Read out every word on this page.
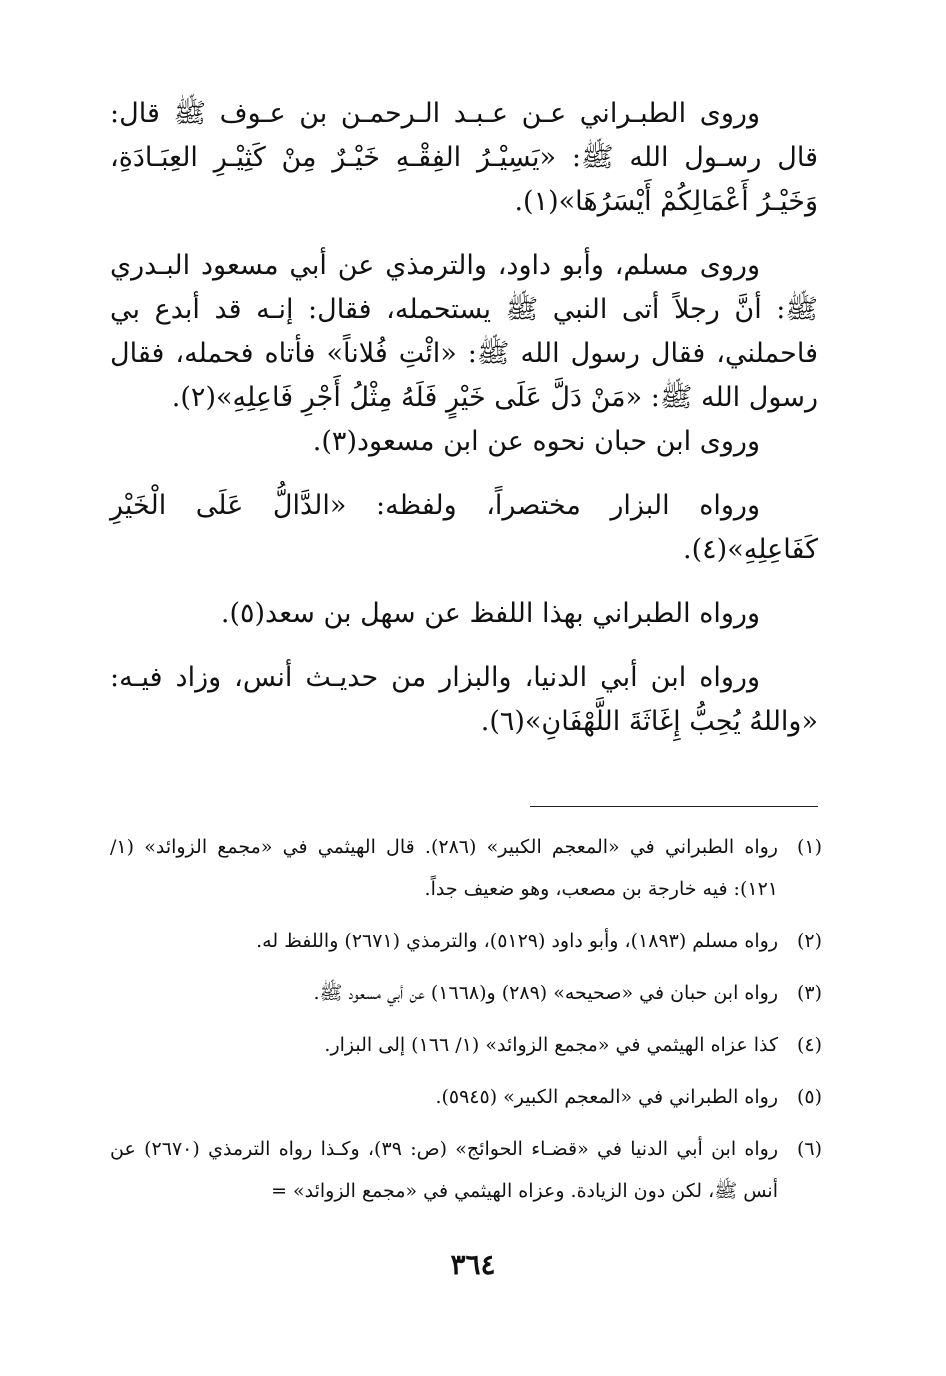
وروى الطبـراني عـن عـبـد الـرحمـن بن عـوف ﷺ قال: قال رسـول الله ﷺ: «يَسِيْـرُ الفِقْـهِ خَيْـرٌ مِنْ كَثِيْـرِ العِبَـادَةِ، وَخَيْـرُ أَعْمَالِكُمْ أَيْسَرُهَا»(١).

وروى مسلم، وأبو داود، والترمذي عن أبي مسعود البـدري ﷺ: أنَّ رجلاً أتى النبي ﷺ يستحمله، فقال: إنـه قد أبدع بي فاحملني، فقال رسول الله ﷺ: «ائْتِ فُلاناً» فأتاه فحمله، فقال رسول الله ﷺ: «مَنْ دَلَّ عَلَى خَيْرٍ فَلَهُ مِثْلُ أَجْرِ فَاعِلِهِ»(٢).

وروى ابن حبان نحوه عن ابن مسعود(٣).

ورواه البزار مختصراً، ولفظه: «الدَّالُّ عَلَى الْخَيْرِ كَفَاعِلِهِ»(٤).

ورواه الطبراني بهذا اللفظ عن سهل بن سعد(٥).

ورواه ابن أبي الدنيا، والبزار من حديـث أنس، وزاد فيـه: «واللهُ يُحِبُّ إِغَاثَةَ اللَّهْفَانِ»(٦).

(١)
رواه الطبراني في «المعجم الكبير» (٢٨٦). قال الهيثمي في «مجمع الزوائد» (١/ ١٢١): فيه خارجة بن مصعب، وهو ضعيف جداً.
(٢)
رواه مسلم (١٨٩٣)، وأبو داود (٥١٢٩)، والترمذي (٢٦٧١) واللفظ له.
(٣)
رواه ابن حبان في «صحيحه» (٢٨٩) و(١٦٦٨) عن أبي مسعود ﷺ.
(٤)
كذا عزاه الهيثمي في «مجمع الزوائد» (١/ ١٦٦) إلى البزار.
(٥)
رواه الطبراني في «المعجم الكبير» (٥٩٤٥).
(٦)
رواه ابن أبي الدنيا في «قضـاء الحوائج» (ص: ٣٩)، وكـذا رواه الترمذي (٢٦٧٠) عن أنس ﷺ، لكن دون الزيادة. وعزاه الهيثمي في «مجمع الزوائد» =
٣٦٤
